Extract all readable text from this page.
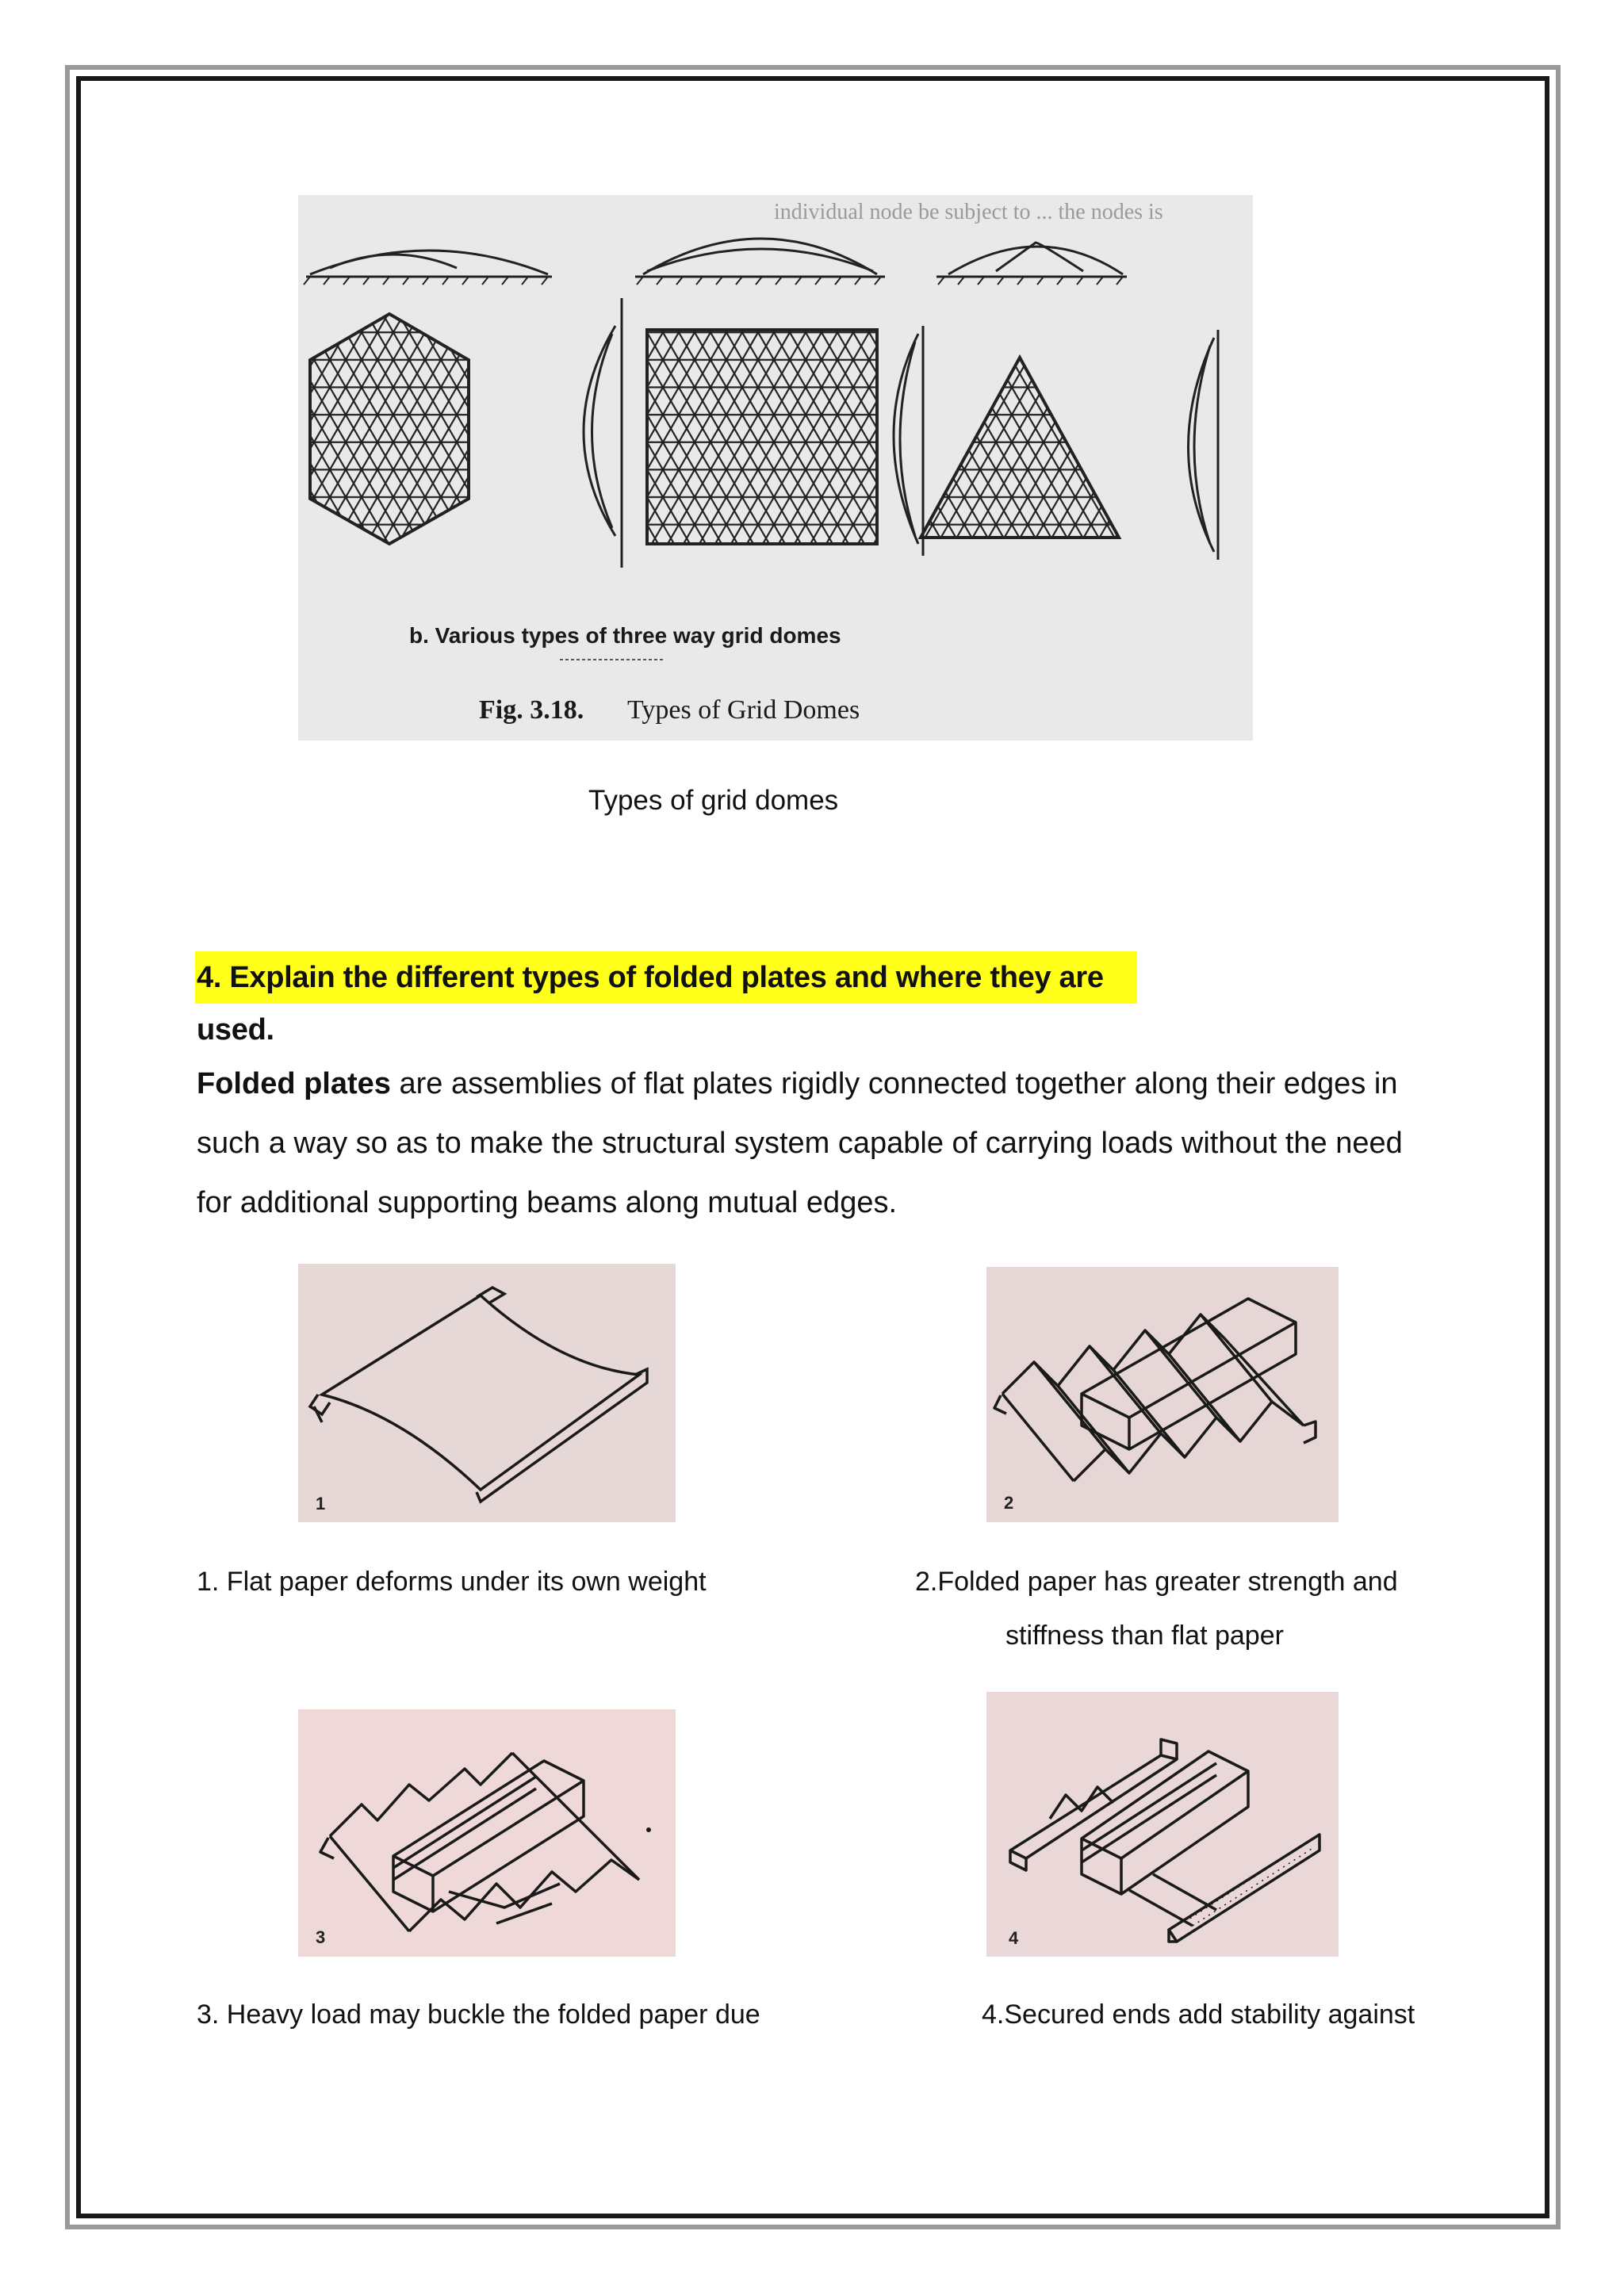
individual node be subject to ... the nodes is
b. Various types of three way grid domes
Fig. 3.18. Types of Grid Domes
Types of grid domes
4. Explain the different types of folded plates and where they are used.
Folded plates are assemblies of flat plates rigidly connected together along their edges in such a way so as to make the structural system capable of carrying loads without the need for additional supporting beams along mutual edges.
1	2
1. Flat paper deforms under its own weight	2.Folded paper has greater strength and
stiffness than flat paper
3	4
3. Heavy load may buckle the folded paper due	4.Secured ends add stability against
